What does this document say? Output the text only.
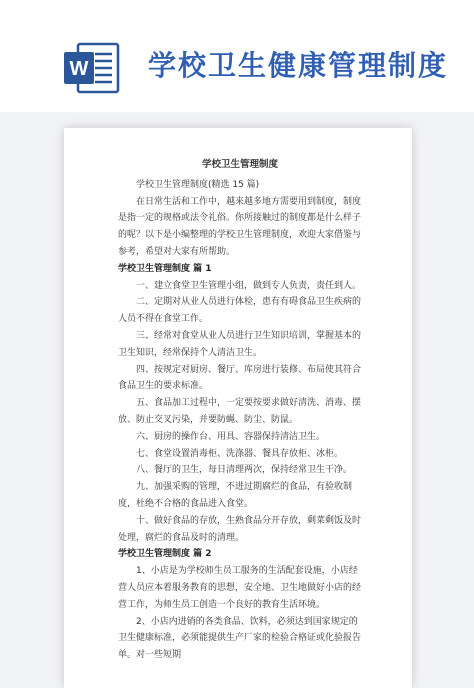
W 学校卫生健康管理制度

学校卫生管理制度

学校卫生管理制度(精选 15 篇)

在日常生活和工作中，越来越多地方需要用到制度，制度是指一定的规格或法令礼俗。你所接触过的制度都是什么样子的呢？以下是小编整理的学校卫生管理制度，欢迎大家借鉴与参考，希望对大家有所帮助。

学校卫生管理制度 篇 1

一、建立食堂卫生管理小组，做到专人负责，责任到人。

二、定期对从业人员进行体检，患有有碍食品卫生疾病的人员不得在食堂工作。

三、经常对食堂从业人员进行卫生知识培训，掌握基本的卫生知识，经常保持个人清洁卫生。

四、按规定对厨房、餐厅、库房进行装修、布局使其符合食品卫生的要求标准。

五、食品加工过程中，一定要按要求做好清洗、消毒、摆放、防止交叉污染，并要防蝇、防尘、防鼠。

六、厨房的操作台、用具、容器保持清洁卫生。

七、食堂设置消毒柜、洗涤器、餐具存放柜、冰柜。

八、餐厅的卫生，每日清理两次，保持经常卫生干净。

九、加强采购的管理，不进过期腐烂的食品，有验收制度，杜绝不合格的食品进入食堂。

十、做好食品的存放，生熟食品分开存放，剩菜剩饭及时处理，腐烂的食品及时的清理。

学校卫生管理制度 篇 2

1、小店是为学校师生员工服务的生活配套设施，小店经营人员应本着服务教育的思想，安全地、卫生地做好小店的经营工作，为师生员工创造一个良好的教育生活环境。

2、小店内进销的各类食品、饮料，必须达到国家规定的卫生健康标准，必须能提供生产厂家的检验合格证或化验报告单。对一些短期
